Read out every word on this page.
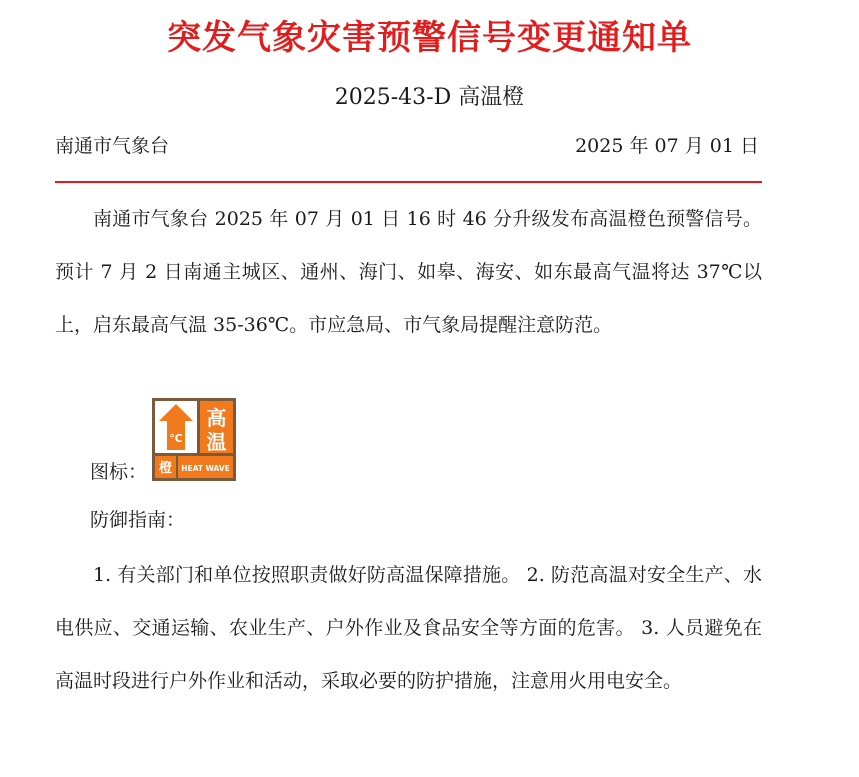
突发气象灾害预警信号变更通知单
2025-43-D 高温橙
南通市气象台	2025 年 07 月 01 日

南通市气象台 2025 年 07 月 01 日 16 时 46 分升级发布高温橙色预警信号。预计 7 月 2 日南通主城区、通州、海门、如皋、海安、如东最高气温将达 37℃以上，启东最高气温 35-36℃。市应急局、市气象局提醒注意防范。

图标：
℃
高
温
橙 HEAT WAVE
防御指南：

1. 有关部门和单位按照职责做好防高温保障措施。 2. 防范高温对安全生产、水电供应、交通运输、农业生产、户外作业及食品安全等方面的危害。 3. 人员避免在高温时段进行户外作业和活动，采取必要的防护措施，注意用火用电安全。
